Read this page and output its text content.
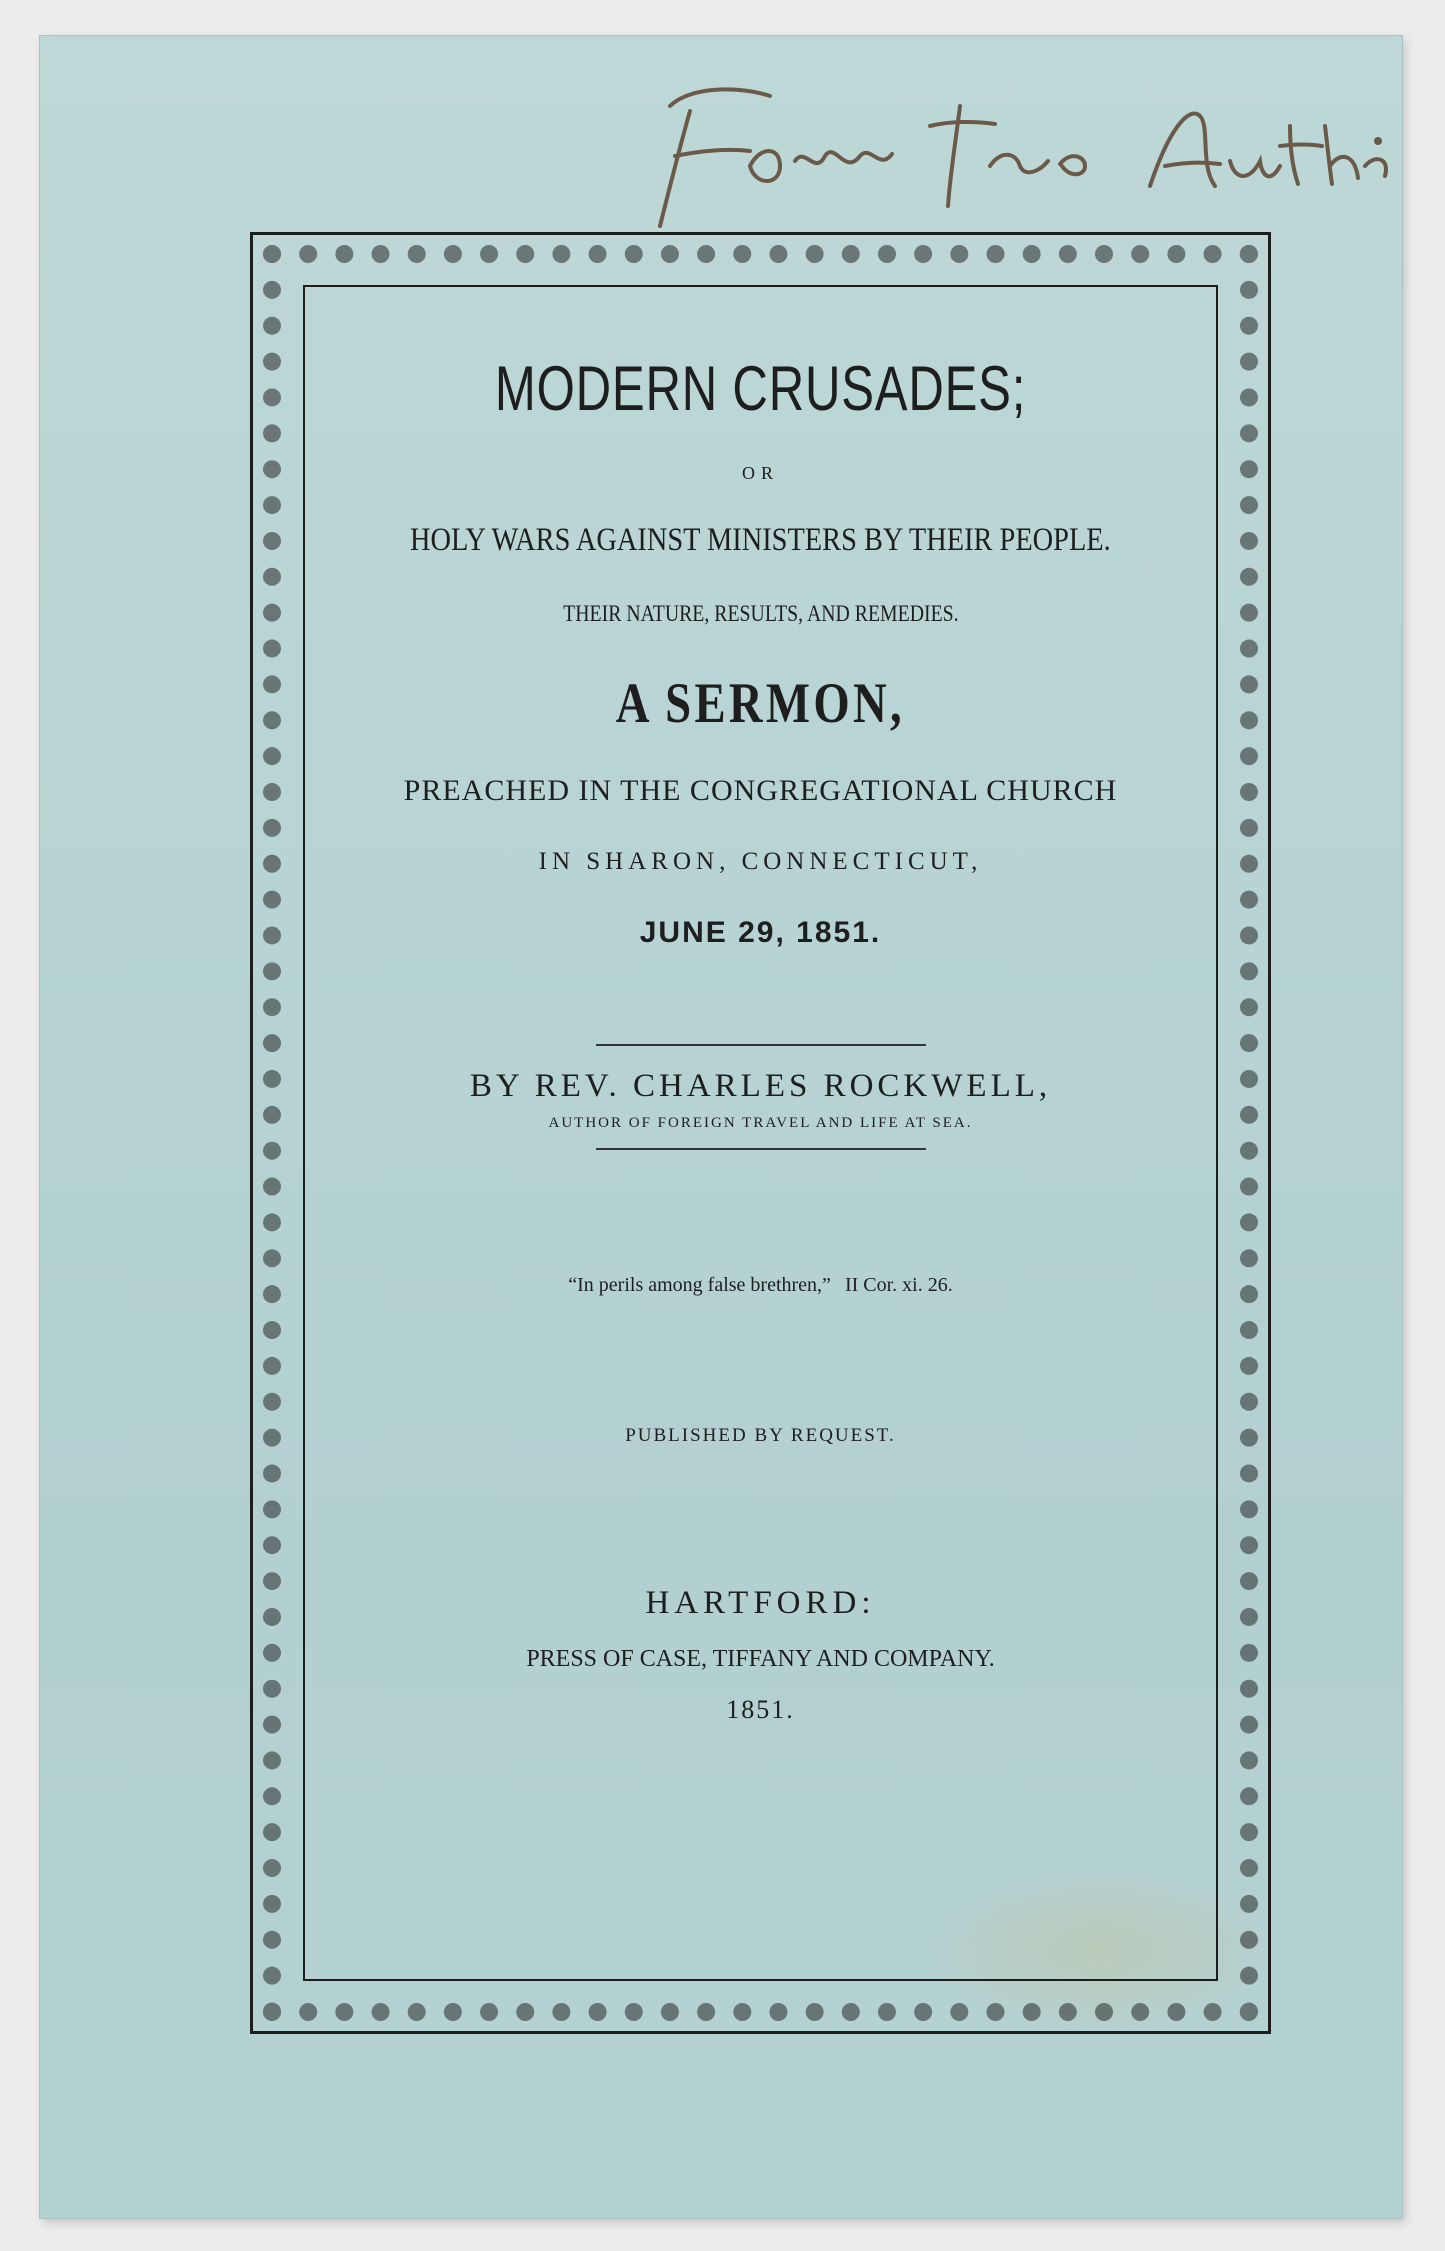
From the Author
MODERN CRUSADES;
OR
HOLY WARS AGAINST MINISTERS BY THEIR PEOPLE.
THEIR NATURE, RESULTS, AND REMEDIES.
A SERMON,
PREACHED IN THE CONGREGATIONAL CHURCH
IN SHARON, CONNECTICUT,
JUNE 29, 1851.
BY REV. CHARLES ROCKWELL,
AUTHOR OF FOREIGN TRAVEL AND LIFE AT SEA.
“In perils among false brethren,” II Cor. xi. 26.
PUBLISHED BY REQUEST.
HARTFORD:
PRESS OF CASE, TIFFANY AND COMPANY.
1851.
